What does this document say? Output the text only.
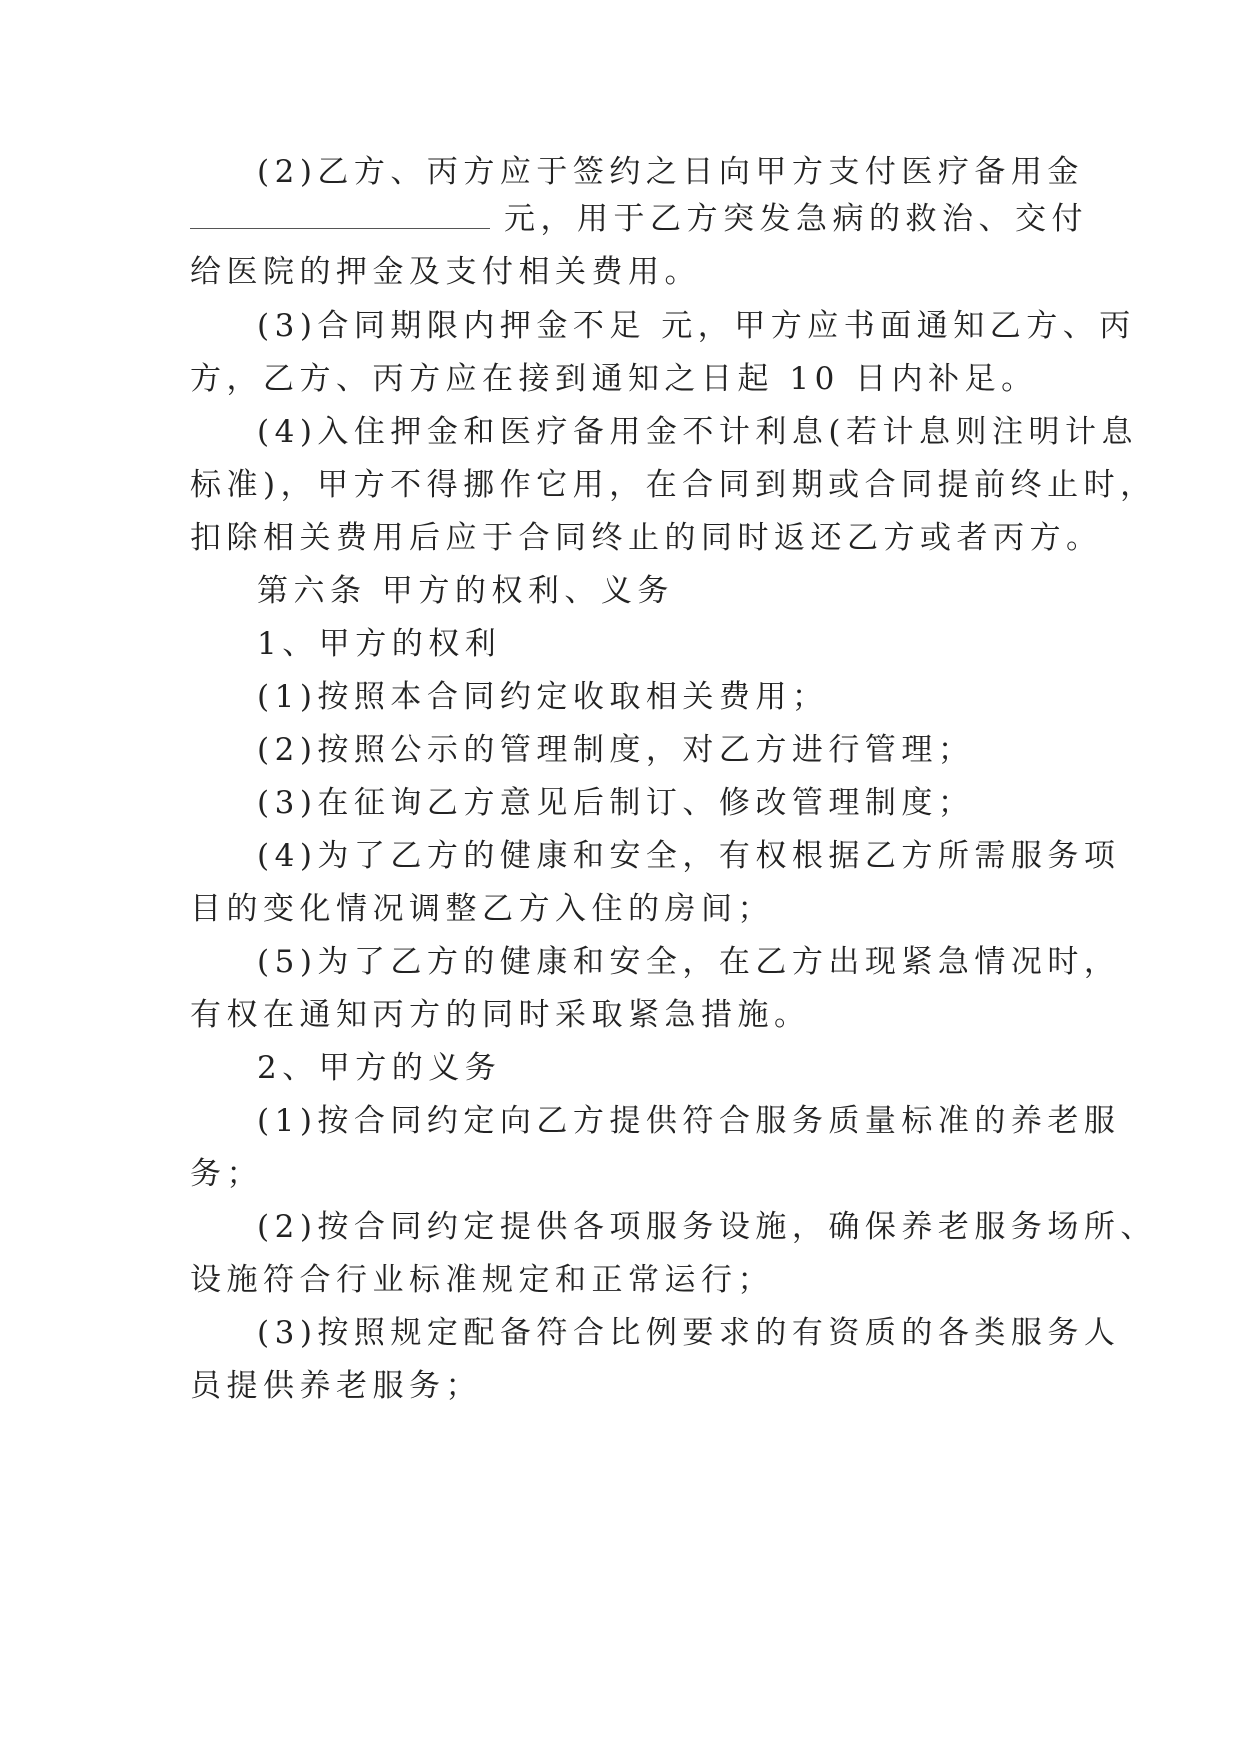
(2)乙方、丙方应于签约之日向甲方支付医疗备用金
元，用于乙方突发急病的救治、交付
给医院的押金及支付相关费用。
(3)合同期限内押金不足 元，甲方应书面通知乙方、丙
方，乙方、丙方应在接到通知之日起 10 日内补足。
(4)入住押金和医疗备用金不计利息(若计息则注明计息
标准)，甲方不得挪作它用，在合同到期或合同提前终止时，
扣除相关费用后应于合同终止的同时返还乙方或者丙方。
第六条 甲方的权利、义务
1、甲方的权利
(1)按照本合同约定收取相关费用；
(2)按照公示的管理制度，对乙方进行管理；
(3)在征询乙方意见后制订、修改管理制度；
(4)为了乙方的健康和安全，有权根据乙方所需服务项
目的变化情况调整乙方入住的房间；
(5)为了乙方的健康和安全，在乙方出现紧急情况时，
有权在通知丙方的同时采取紧急措施。
2、甲方的义务
(1)按合同约定向乙方提供符合服务质量标准的养老服
务；
(2)按合同约定提供各项服务设施，确保养老服务场所、
设施符合行业标准规定和正常运行；
(3)按照规定配备符合比例要求的有资质的各类服务人
员提供养老服务；
